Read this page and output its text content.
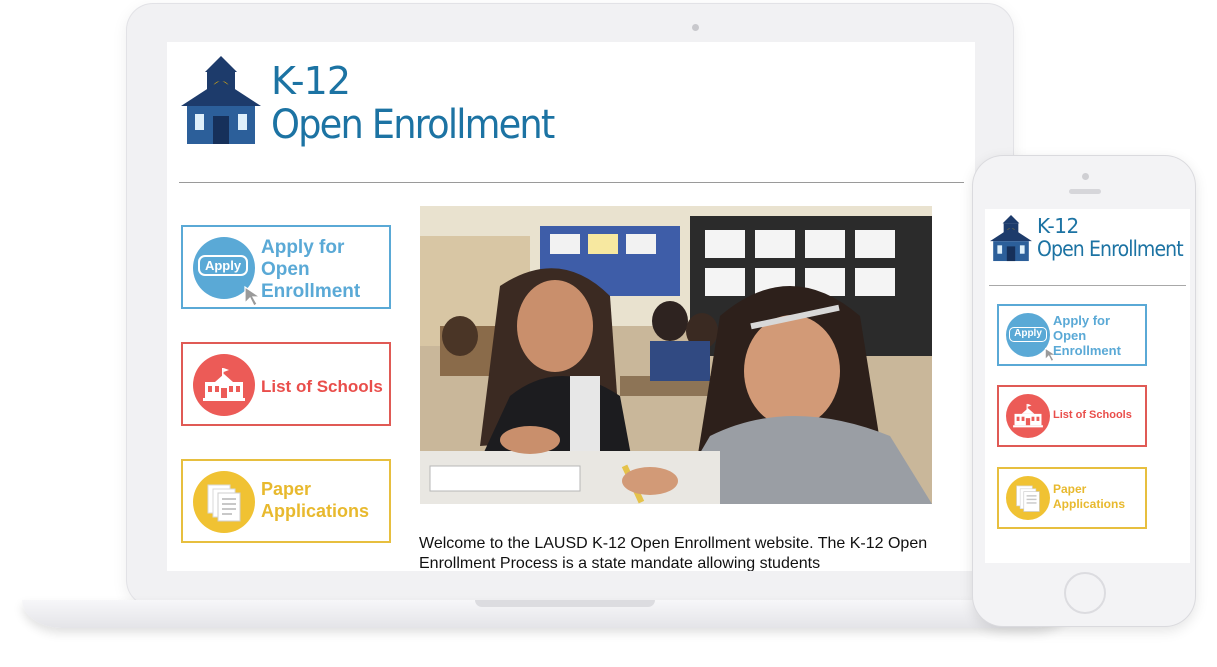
K-12
Open Enrollment
Apply
Apply for
Open
Enrollment
List of Schools
Paper
Applications
Welcome to the LAUSD K-12 Open Enrollment website. The K-12 Open Enrollment Process is a state mandate allowing students
K-12
Open Enrollment
Apply
Apply for
Open
Enrollment
List of Schools
Paper
Applications
